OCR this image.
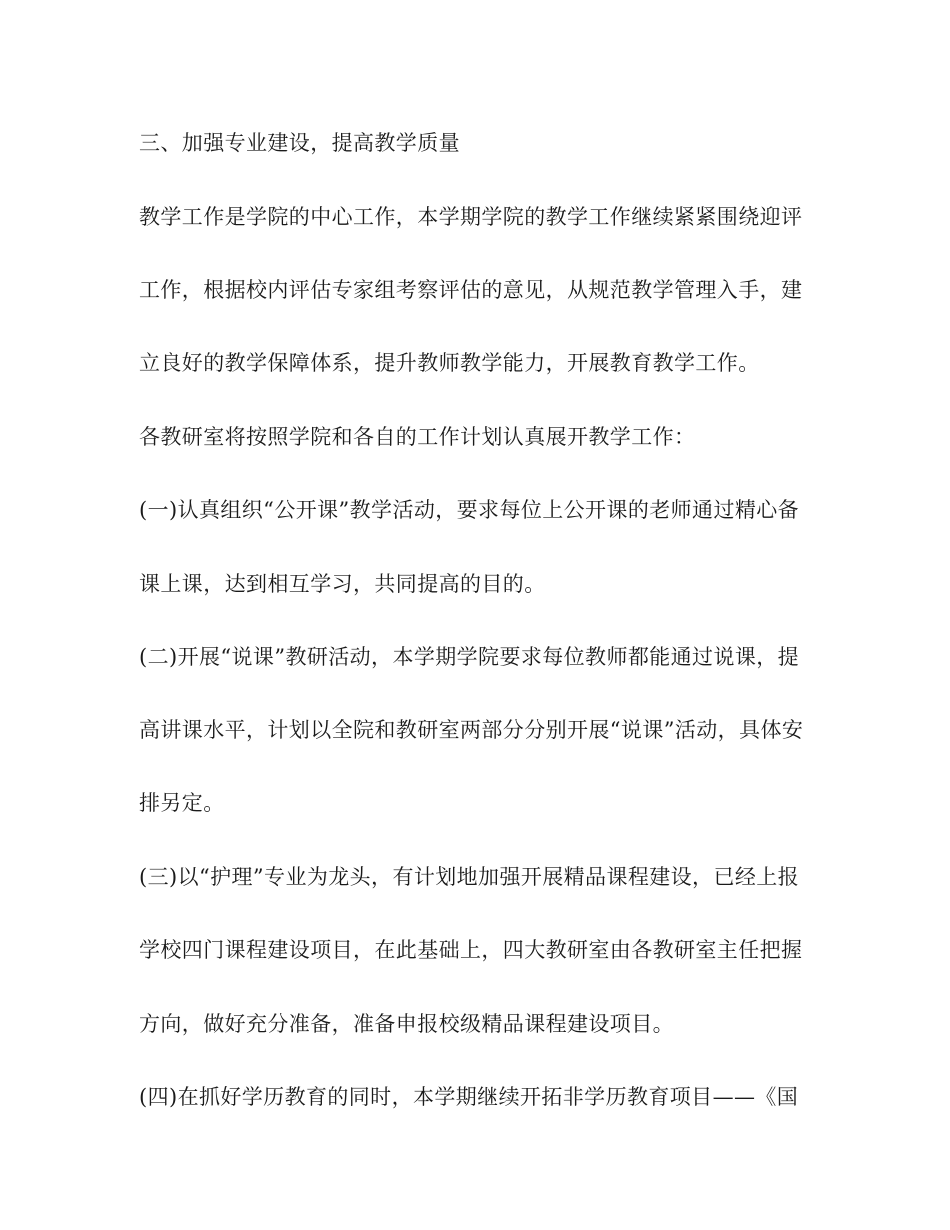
三、加强专业建设，提高教学质量
教学工作是学院的中心工作，本学期学院的教学工作继续紧紧围绕迎评
工作，根据校内评估专家组考察评估的意见，从规范教学管理入手，建
立良好的教学保障体系，提升教师教学能力，开展教育教学工作。
各教研室将按照学院和各自的工作计划认真展开教学工作：
(一)认真组织“公开课”教学活动，要求每位上公开课的老师通过精心备
课上课，达到相互学习，共同提高的目的。
(二)开展“说课”教研活动，本学期学院要求每位教师都能通过说课，提
高讲课水平，计划以全院和教研室两部分分别开展“说课”活动，具体安
排另定。
(三)以“护理”专业为龙头，有计划地加强开展精品课程建设，已经上报
学校四门课程建设项目，在此基础上，四大教研室由各教研室主任把握
方向，做好充分准备，准备申报校级精品课程建设项目。
(四)在抓好学历教育的同时，本学期继续开拓非学历教育项目——《国
